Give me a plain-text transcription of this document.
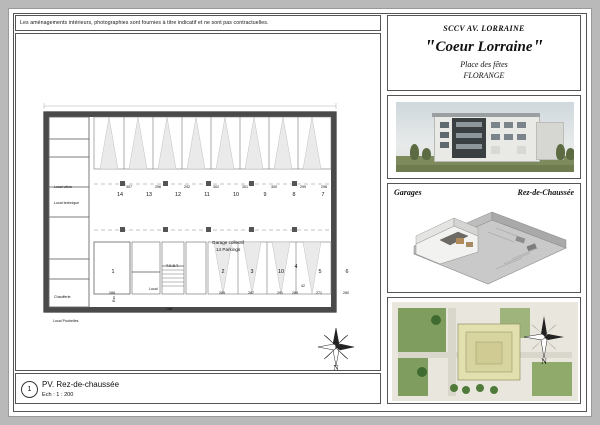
Les aménagements intérieurs, photographies sont fournies à titre indicatif et ne sont pas contractuelles.
Local vélos
Local technique
Chaufferie
Local Poubelles
Local
T.G.B.T.
Hall
Esc.
Garage collectif
14 Parkings
14	13	12	11	10	9	8	7
307	296	292	302	301	300	299	298
1	2	3	10
4
5	6
288	285	287	291	289	271	280
42
N
1
PV. Rez-de-chaussée
Ech : 1 : 200
SCCV AV. LORRAINE
"Coeur Lorraine"
Place des fêtes
FLORANGE
Garages	Rez-de-Chaussée
N
